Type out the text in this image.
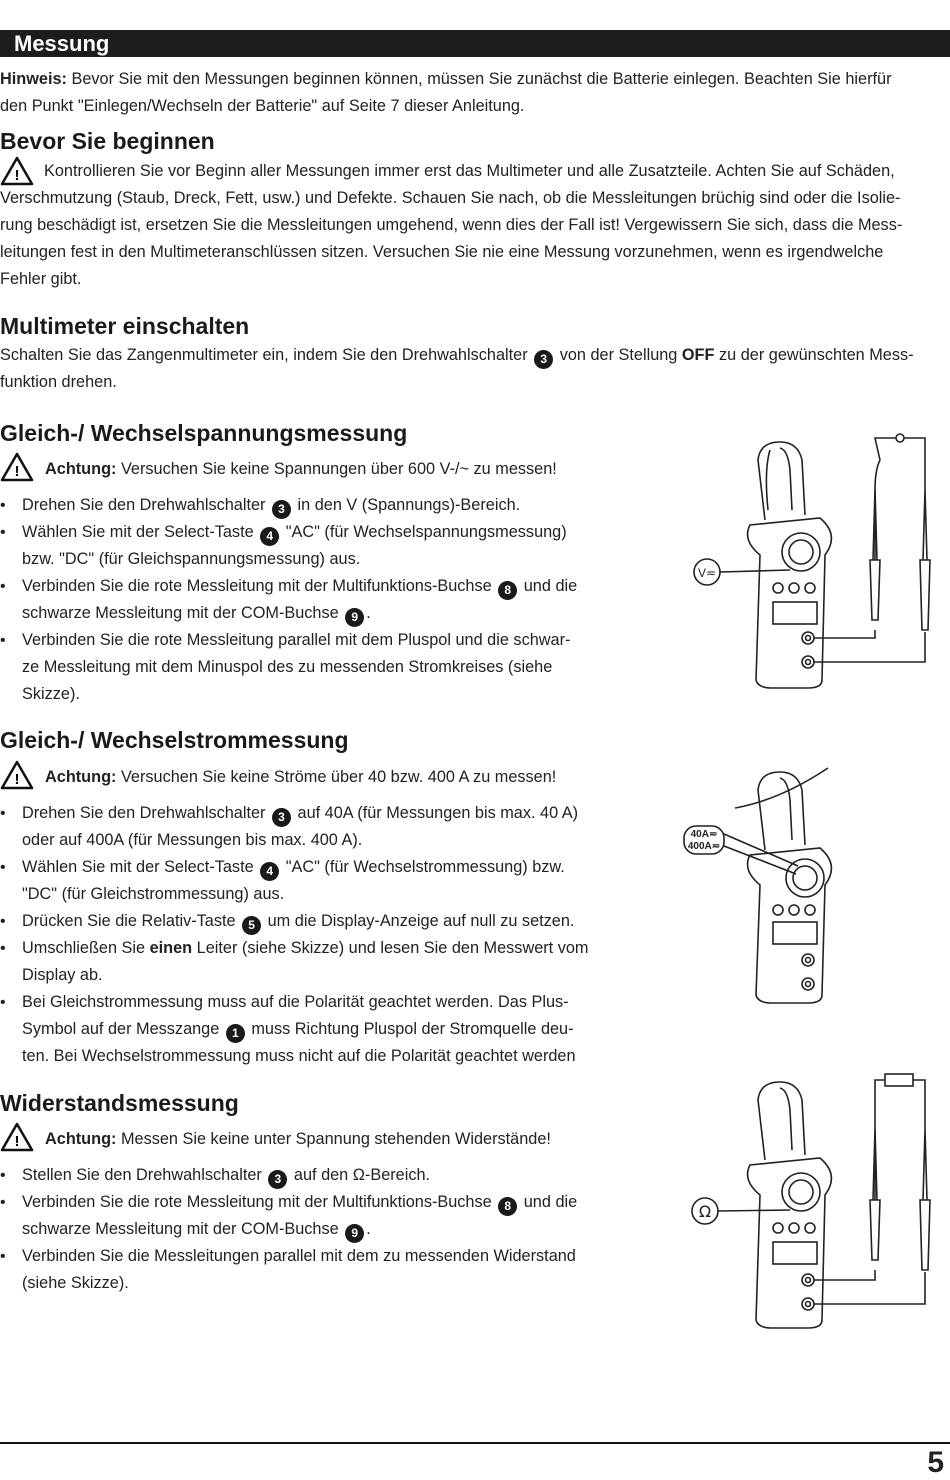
Messung
Hinweis: Bevor Sie mit den Messungen beginnen können, müssen Sie zunächst die Batterie einlegen. Beachten Sie hierfür
den Punkt "Einlegen/Wechseln der Batterie" auf Seite 7 dieser Anleitung.
Bevor Sie beginnen
!	Kontrollieren Sie vor Beginn aller Messungen immer erst das Multimeter und alle Zusatzteile. Achten Sie auf Schäden,
Verschmutzung (Staub, Dreck, Fett, usw.) und Defekte. Schauen Sie nach, ob die Messleitungen brüchig sind oder die Isolie-
rung beschädigt ist, ersetzen Sie die Messleitungen umgehend, wenn dies der Fall ist! Vergewissern Sie sich, dass die Mess-
leitungen fest in den Multimeteranschlüssen sitzen. Versuchen Sie nie eine Messung vorzunehmen, wenn es irgendwelche
Fehler gibt.
Multimeter einschalten
Schalten Sie das Zangenmultimeter ein, indem Sie den Drehwahlschalter 3 von der Stellung OFF zu der gewünschten Mess-
funktion drehen.
Gleich-/ Wechselspannungsmessung
! Achtung: Versuchen Sie keine Spannungen über 600 V-/~ zu messen!
• Drehen Sie den Drehwahlschalter 3 in den V (Spannungs)-Bereich.
• Wählen Sie mit der Select-Taste 4 "AC" (für Wechselspannungsmessung)
bzw. "DC" (für Gleichspannungsmessung) aus.
• Verbinden Sie die rote Messleitung mit der Multifunktions-Buchse 8 und die
schwarze Messleitung mit der COM-Buchse 9 .
• Verbinden Sie die rote Messleitung parallel mit dem Pluspol und die schwar-
ze Messleitung mit dem Minuspol des zu messenden Stromkreises (siehe
Skizze).
V≂
Gleich-/ Wechselstrommessung
! Achtung: Versuchen Sie keine Ströme über 40 bzw. 400 A zu messen!
• Drehen Sie den Drehwahlschalter 3 auf 40A (für Messungen bis max. 40 A)
oder auf 400A (für Messungen bis max. 400 A).
• Wählen Sie mit der Select-Taste 4 "AC" (für Wechselstrommessung) bzw.
"DC" (für Gleichstrommessung) aus.
• Drücken Sie die Relativ-Taste 5 um die Display-Anzeige auf null zu setzen.
• Umschließen Sie einen Leiter (siehe Skizze) und lesen Sie den Messwert vom
Display ab.
• Bei Gleichstrommessung muss auf die Polarität geachtet werden. Das Plus-
Symbol auf der Messzange 1 muss Richtung Pluspol der Stromquelle deu-
ten. Bei Wechselstrommessung muss nicht auf die Polarität geachtet werden
40A≂
400A≂
Widerstandsmessung
! Achtung: Messen Sie keine unter Spannung stehenden Widerstände!
• Stellen Sie den Drehwahlschalter 3 auf den Ω-Bereich.
• Verbinden Sie die rote Messleitung mit der Multifunktions-Buchse 8 und die
schwarze Messleitung mit der COM-Buchse 9 .
• Verbinden Sie die Messleitungen parallel mit dem zu messenden Widerstand
(siehe Skizze).
Ω
5
